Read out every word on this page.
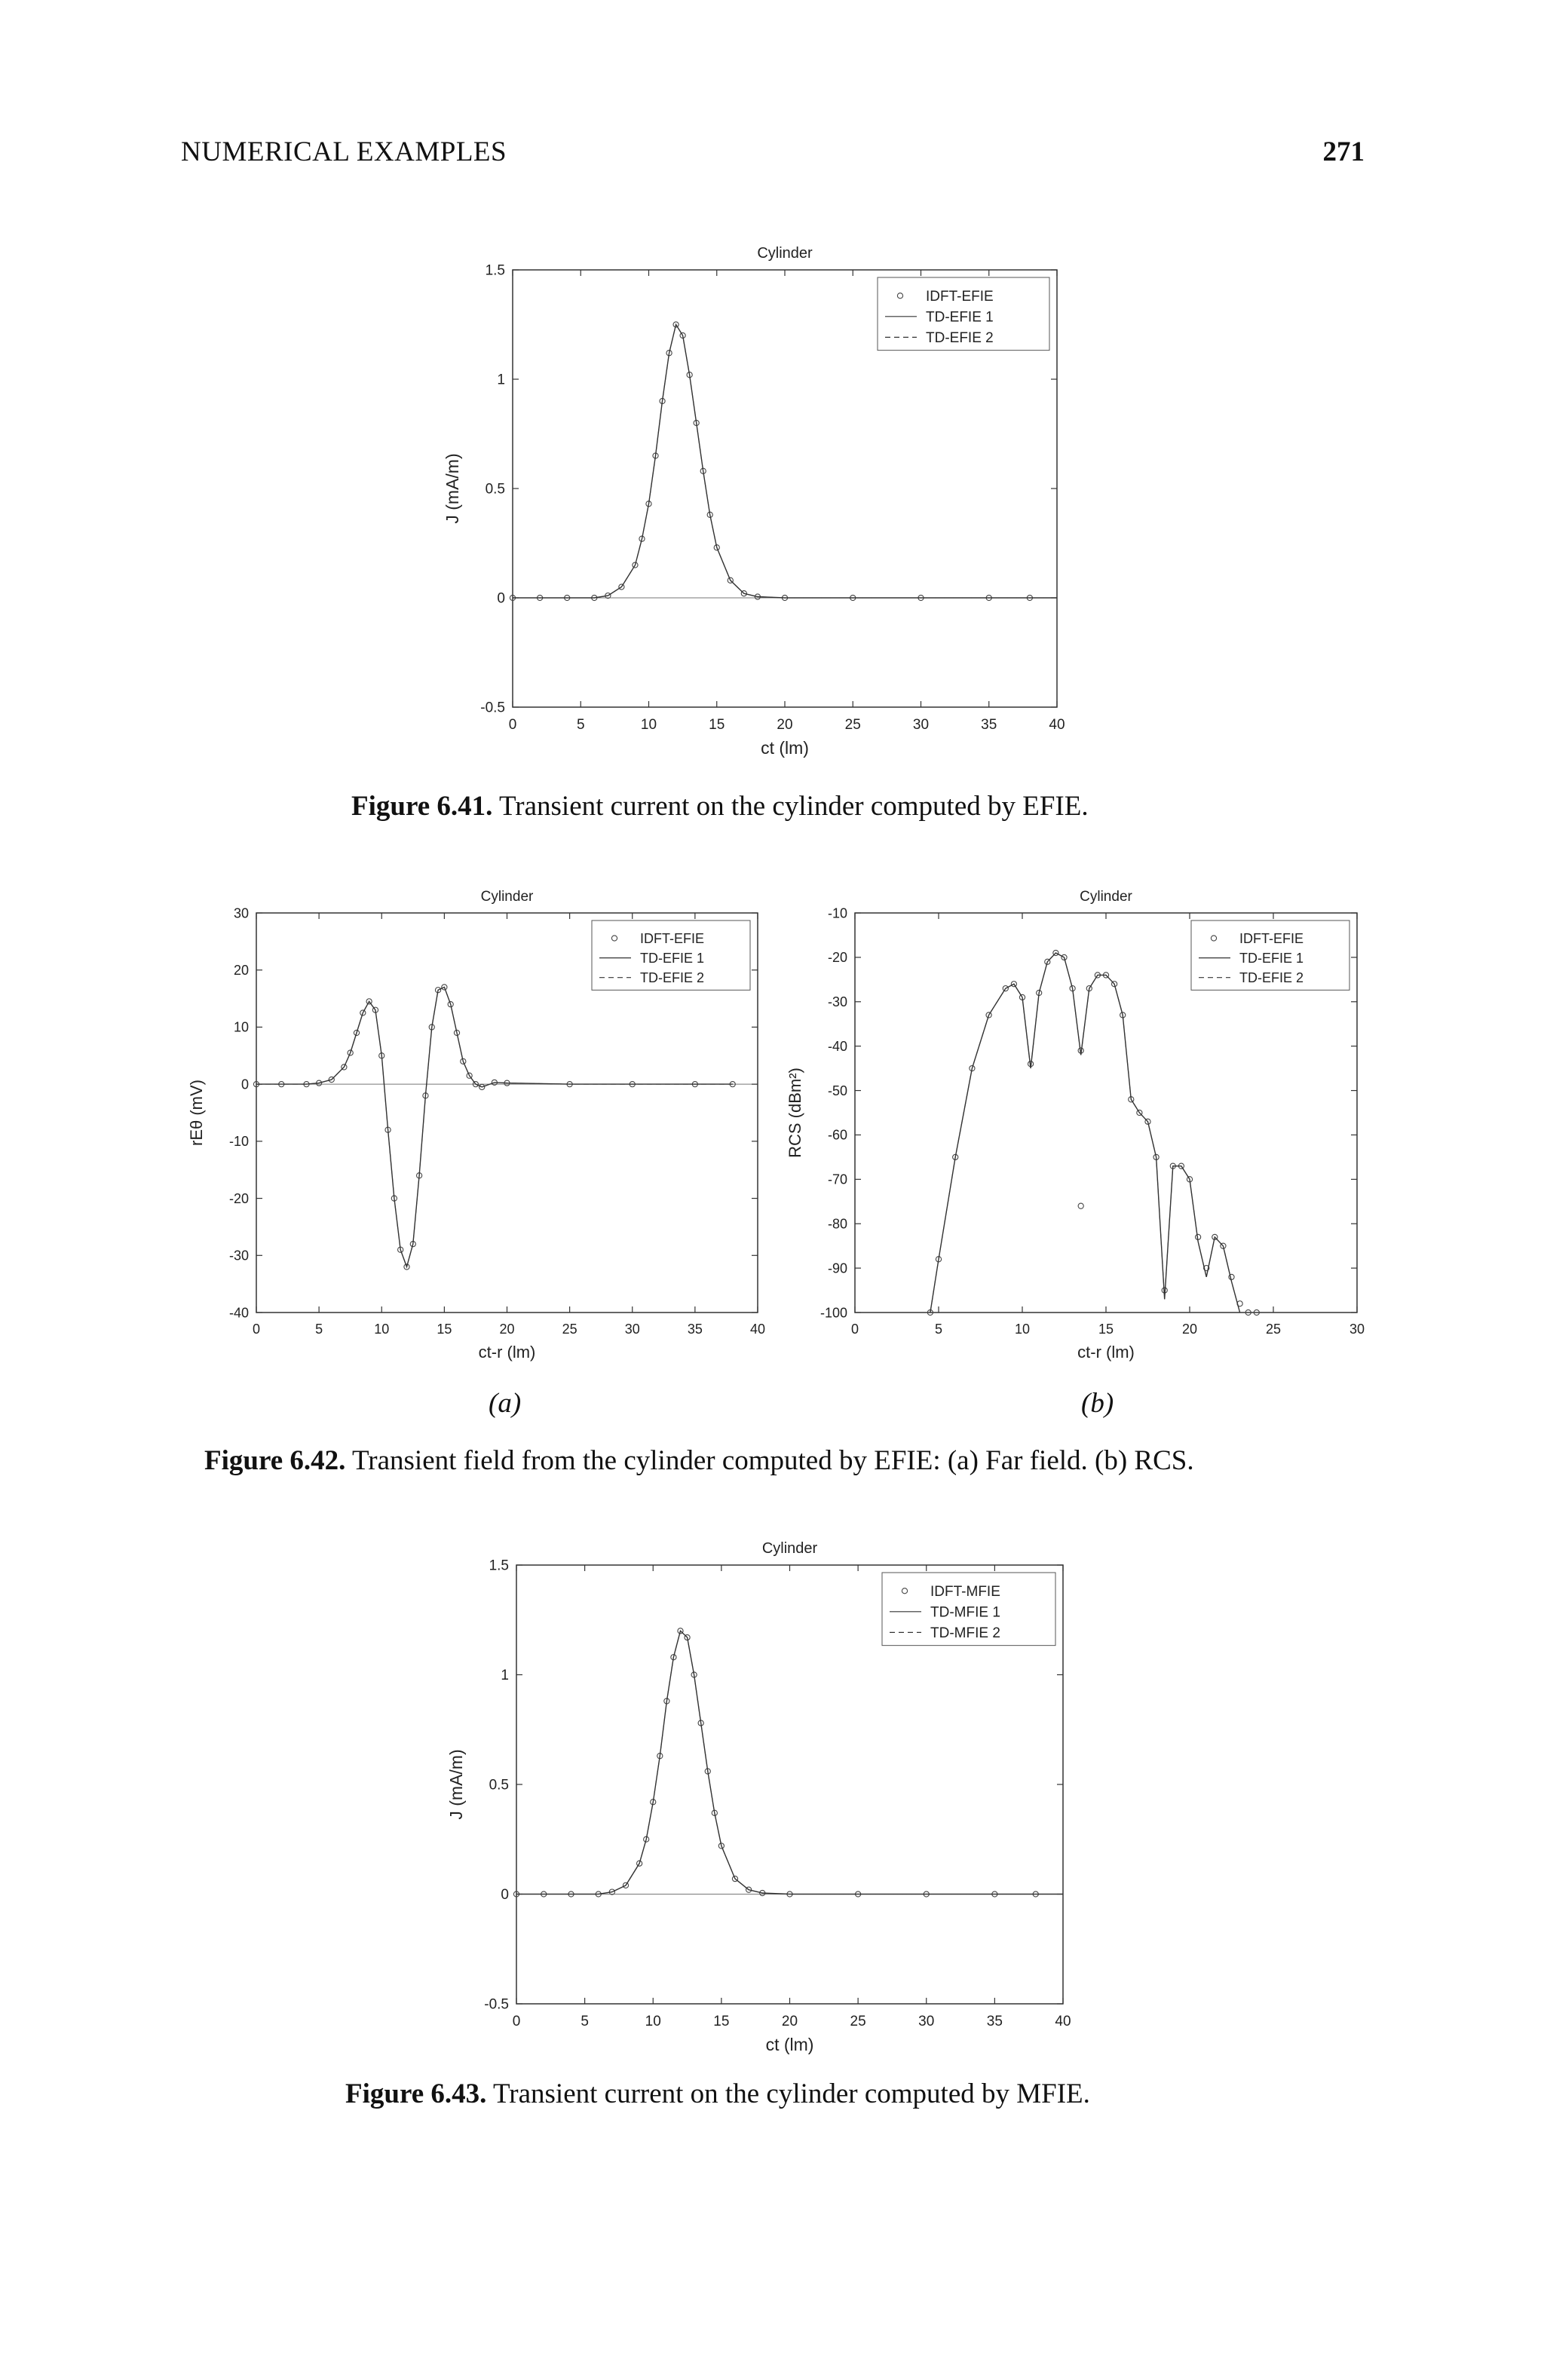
NUMERICAL EXAMPLES	271
0	5	10	15	20	25	30	35	40
-0.5
0
0.5
1
1.5
Cylinder
ct (lm)
J (mA/m)
IDFT-EFIE
TD-EFIE 1
TD-EFIE 2
0	5	10	15	20	25	30	35	40
-40
-30
-20
-10
0
10
20
30
Cylinder
ct-r (lm)
rEθ (mV)
IDFT-EFIE
TD-EFIE 1
TD-EFIE 2
0	5	10	15	20	25	30
-100
-90
-80
-70
-60
-50
-40
-30
-20
-10
Cylinder
ct-r (lm)
RCS (dBm²)
IDFT-EFIE
TD-EFIE 1
TD-EFIE 2
0	5	10	15	20	25	30	35	40
-0.5
0
0.5
1
1.5
Cylinder
ct (lm)
J (mA/m)
IDFT-MFIE
TD-MFIE 1
TD-MFIE 2
Figure 6.41. Transient current on the cylinder computed by EFIE.
(a)	(b)
Figure 6.42. Transient field from the cylinder computed by EFIE: (a) Far field. (b) RCS.
Figure 6.43. Transient current on the cylinder computed by MFIE.
